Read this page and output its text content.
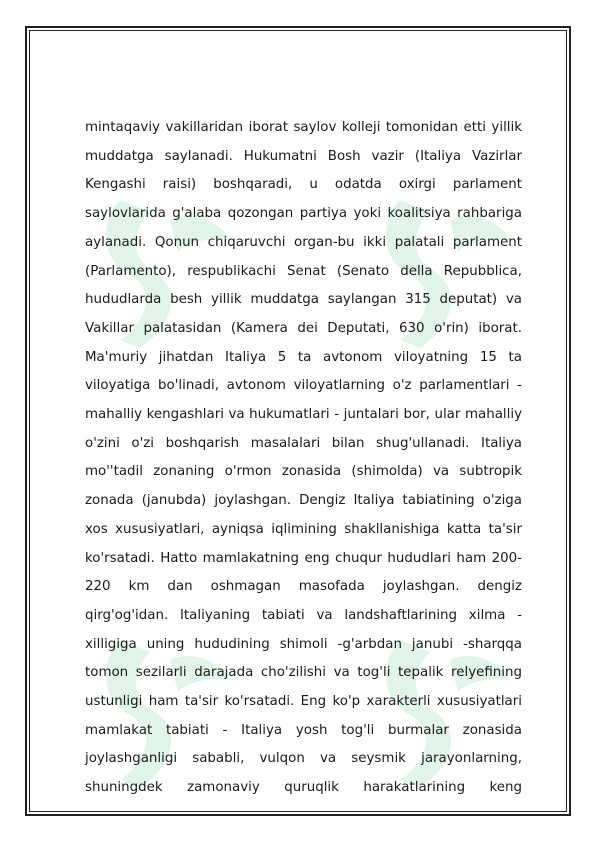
mintaqaviy vakillaridan iborat saylov kolleji tomonidan etti yillik muddatga saylanadi. Hukumatni Bosh vazir (Italiya Vazirlar Kengashi raisi) boshqaradi, u odatda oxirgi parlament saylovlarida g'alaba qozongan partiya yoki koalitsiya rahbariga aylanadi. Qonun chiqaruvchi organ-bu ikki palatali parlament (Parlamento), respublikachi Senat (Senato della Repubblica, hududlarda besh yillik muddatga saylangan 315 deputat) va Vakillar palatasidan (Kamera dei Deputati, 630 o'rin) iborat. Ma'muriy jihatdan Italiya 5 ta avtonom viloyatning 15 ta viloyatiga bo'linadi, avtonom viloyatlarning o'z parlamentlari - mahalliy kengashlari va hukumatlari - juntalari bor, ular mahalliy o'zini o'zi boshqarish masalalari bilan shug'ullanadi. Italiya mo''tadil zonaning o'rmon zonasida (shimolda) va subtropik zonada (janubda) joylashgan. Dengiz Italiya tabiatining o'ziga xos xususiyatlari, ayniqsa iqlimining shakllanishiga katta ta'sir ko'rsatadi. Hatto mamlakatning eng chuqur hududlari ham 200-220 km dan oshmagan masofada joylashgan. dengiz qirg'og'idan. Italiyaning tabiati va landshaftlarining xilma -xilligiga uning hududining shimoli -g'arbdan janubi -sharqqa tomon sezilarli darajada cho'zilishi va tog'li tepalik relyefining ustunligi ham ta'sir ko'rsatadi. Eng ko'p xarakterli xususiyatlari mamlakat tabiati - Italiya yosh tog'li burmalar zonasida joylashganligi sababli, vulqon va seysmik jarayonlarning, shuningdek zamonaviy quruqlik harakatlarining keng
